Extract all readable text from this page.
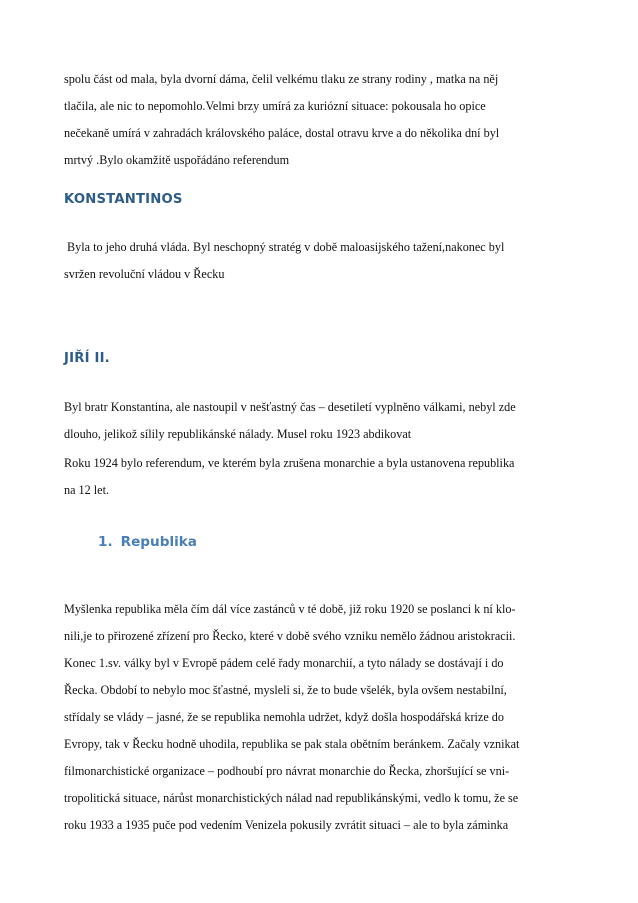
spolu část od mala, byla dvorní dáma, čelil velkému tlaku ze strany rodiny , matka na něj
tlačila, ale nic to nepomohlo.Velmi brzy umírá za kuriózní situace: pokousala ho opice
nečekaně umírá v zahradách královského paláce, dostal otravu krve a do několika dní byl
mrtvý .Bylo okamžitě uspořádáno referendum
KONSTANTINOS
Byla to jeho druhá vláda. Byl neschopný stratég v době maloasijského tažení,nakonec byl
svržen revoluční vládou v Řecku
JIŘÍ II.
Byl bratr Konstantina, ale nastoupil v nešťastný čas – desetiletí vyplněno válkami, nebyl zde
dlouho, jelikož sílily republikánské nálady. Musel roku 1923 abdikovat
Roku 1924 bylo referendum, ve kterém byla zrušena monarchie a byla ustanovena republika
na 12 let.
1. Republika
Myšlenka republika měla čím dál více zastánců v té době, již roku 1920 se poslanci k ní klo-
nili,je to přirozené zřízení pro Řecko, které v době svého vzniku nemělo žádnou aristokracii.
Konec 1.sv. války byl v Evropě pádem celé řady monarchií, a tyto nálady se dostávají i do
Řecka. Období to nebylo moc šťastné, mysleli si, že to bude všelék, byla ovšem nestabilní,
střídaly se vlády – jasné, že se republika nemohla udržet, když došla hospodářská krize do
Evropy, tak v Řecku hodně uhodila, republika se pak stala obětním beránkem. Začaly vznikat
filmonarchistické organizace – podhoubí pro návrat monarchie do Řecka, zhoršující se vni-
tropolitická situace, nárůst monarchistických nálad nad republikánskými, vedlo k tomu, že se
roku 1933 a 1935 puče pod vedením Venizela pokusily zvrátit situaci – ale to byla záminka
